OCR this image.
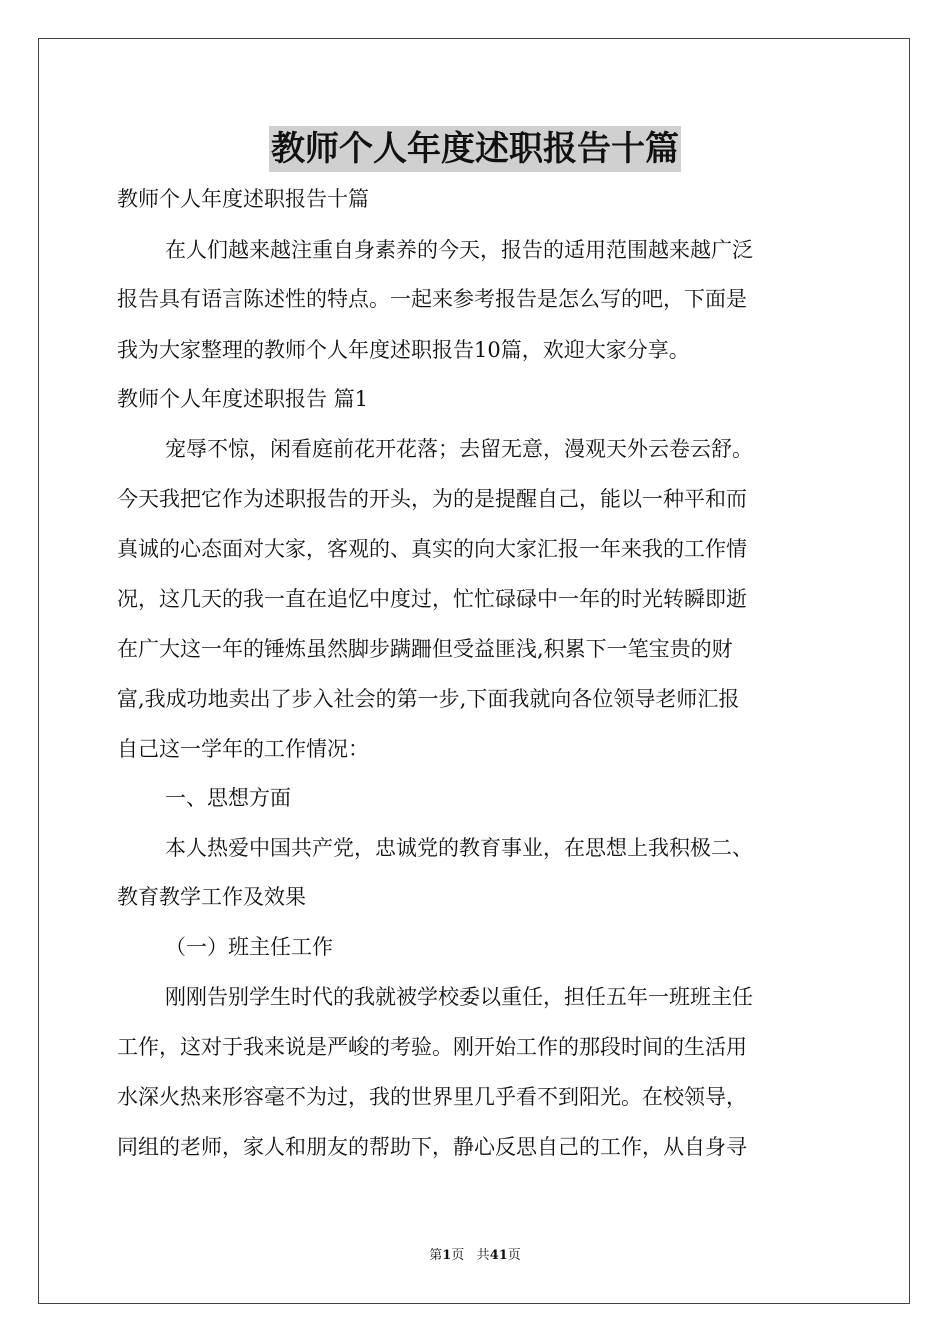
教师个人年度述职报告十篇
教师个人年度述职报告十篇
在人们越来越注重自身素养的今天，报告的适用范围越来越广泛
报告具有语言陈述性的特点。一起来参考报告是怎么写的吧，下面是
我为大家整理的教师个人年度述职报告10篇，欢迎大家分享。
教师个人年度述职报告 篇1
宠辱不惊，闲看庭前花开花落；去留无意，漫观天外云卷云舒。
今天我把它作为述职报告的开头，为的是提醒自己，能以一种平和而
真诚的心态面对大家，客观的、真实的向大家汇报一年来我的工作情
况，这几天的我一直在追忆中度过，忙忙碌碌中一年的时光转瞬即逝
在广大这一年的锤炼虽然脚步蹒跚但受益匪浅,积累下一笔宝贵的财
富,我成功地卖出了步入社会的第一步,下面我就向各位领导老师汇报
自己这一学年的工作情况：
一、思想方面
本人热爱中国共产党，忠诚党的教育事业，在思想上我积极二、
教育教学工作及效果
（一）班主任工作
刚刚告别学生时代的我就被学校委以重任，担任五年一班班主任
工作，这对于我来说是严峻的考验。刚开始工作的那段时间的生活用
水深火热来形容毫不为过，我的世界里几乎看不到阳光。在校领导，
同组的老师，家人和朋友的帮助下，静心反思自己的工作，从自身寻
第1页 共41页
